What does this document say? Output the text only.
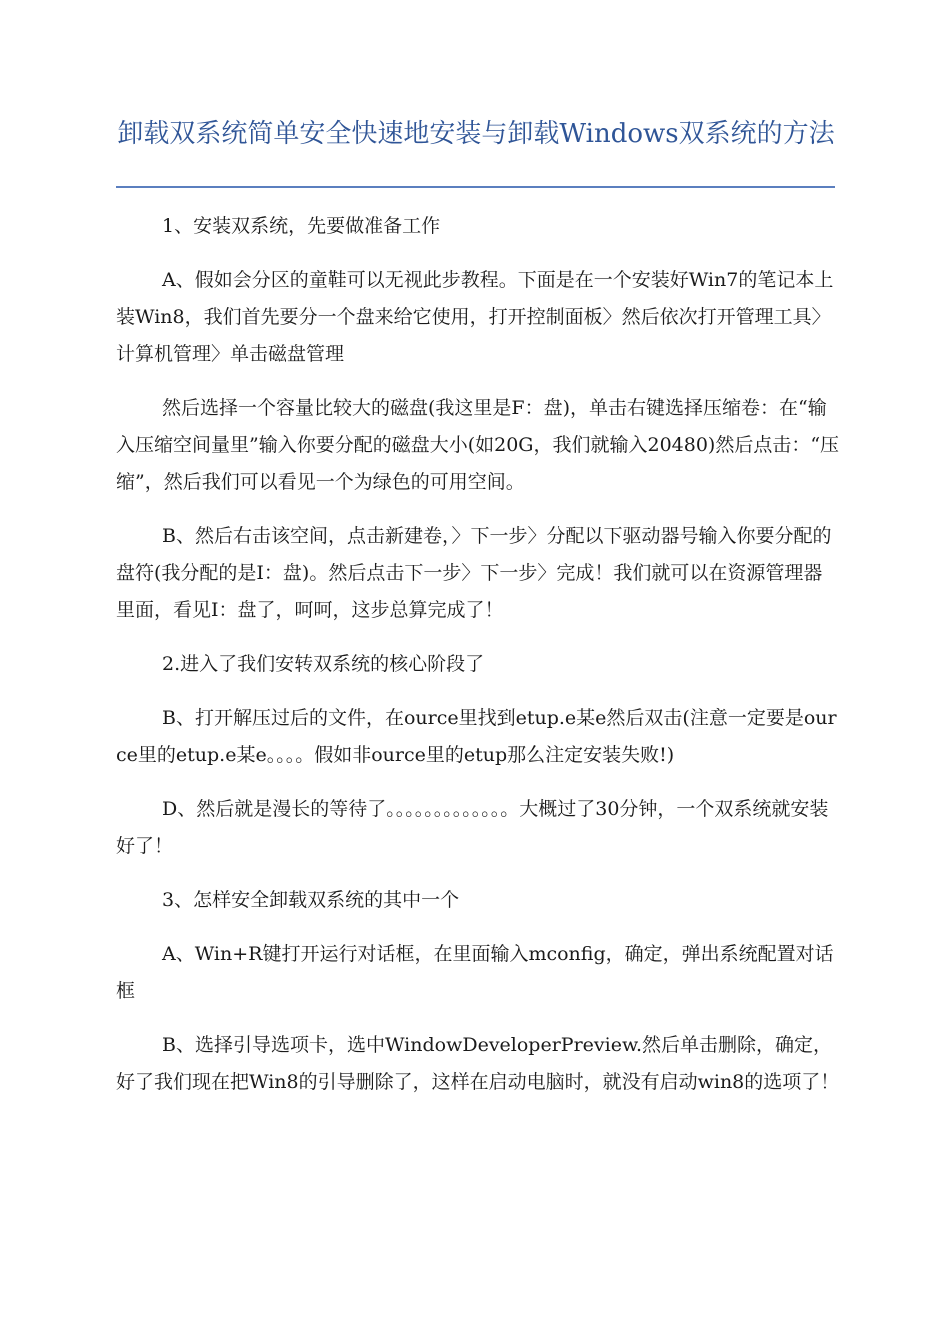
卸载双系统简单安全快速地安装与卸载Windows双系统的方法

1、安装双系统，先要做准备工作

A、假如会分区的童鞋可以无视此步教程。下面是在一个安装好Win7的笔记本上装Win8，我们首先要分一个盘来给它使用，打开控制面板〉然后依次打开管理工具〉计算机管理〉单击磁盘管理

然后选择一个容量比较大的磁盘(我这里是F：盘)，单击右键选择压缩卷：在“输入压缩空间量里”输入你要分配的磁盘大小(如20G，我们就输入20480)然后点击：“压缩”，然后我们可以看见一个为绿色的可用空间。

B、然后右击该空间，点击新建卷，〉下一步〉分配以下驱动器号输入你要分配的盘符(我分配的是I：盘)。然后点击下一步〉下一步〉完成！我们就可以在资源管理器里面，看见I：盘了，呵呵，这步总算完成了！

2.进入了我们安转双系统的核心阶段了

B、打开解压过后的文件，在ource里找到etup.e某e然后双击(注意一定要是ource里的etup.e某e。。。。假如非ource里的etup那么注定安装失败!)

D、然后就是漫长的等待了。。。。。。。。。。。。。大概过了30分钟，一个双系统就安装好了！

3、怎样安全卸载双系统的其中一个

A、Win+R键打开运行对话框，在里面输入mconfig，确定，弹出系统配置对话框

B、选择引导选项卡，选中WindowDeveloperPreview.然后单击删除，确定，好了我们现在把Win8的引导删除了，这样在启动电脑时，就没有启动win8的选项了！
